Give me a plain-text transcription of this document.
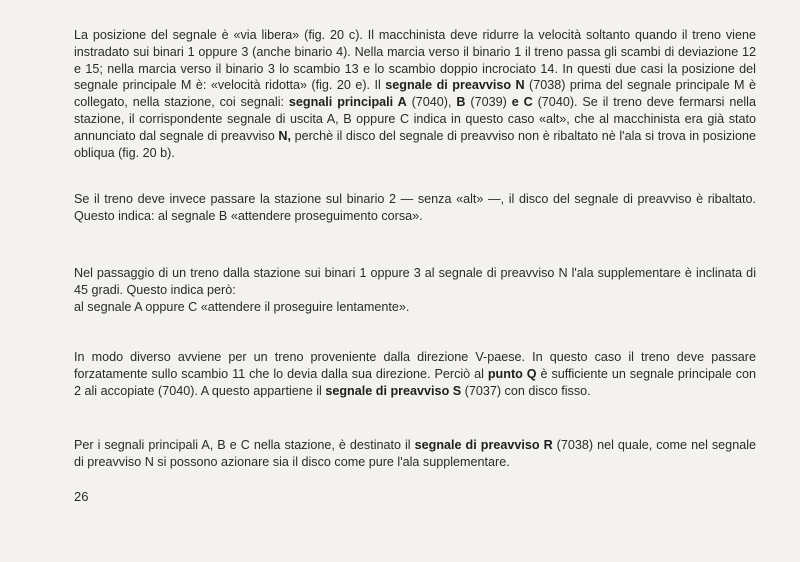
La posizione del segnale è «via libera» (fig. 20 c). Il macchinista deve ridurre la velocità soltanto quando il treno viene instradato sui binari 1 oppure 3 (anche binario 4). Nella marcia verso il binario 1 il treno passa gli scambi di deviazione 12 e 15; nella marcia verso il binario 3 lo scambio 13 e lo scambio doppio incrociato 14. In questi due casi la posizione del segnale principale M è: «velocità ridotta» (fig. 20 e). Il segnale di preavviso N (7038) prima del segnale principale M è collegato, nella stazione, coi segnali: segnali principali A (7040), B (7039) e C (7040). Se il treno deve fermarsi nella stazione, il corrispondente segnale di uscita A, B oppure C indica in questo caso «alt», che al macchinista era già stato annunciato dal segnale di preavviso N, perchè il disco del segnale di preavviso non è ribaltato nè l'ala si trova in posizione obliqua (fig. 20 b).

Se il treno deve invece passare la stazione sul binario 2 — senza «alt» —, il disco del segnale di preavviso è ribaltato. Questo indica: al segnale B «attendere proseguimento corsa».

Nel passaggio di un treno dalla stazione sui binari 1 oppure 3 al segnale di preavviso N l'ala supplementare è inclinata di 45 gradi. Questo indica però:
al segnale A oppure C «attendere il proseguire lentamente».

In modo diverso avviene per un treno proveniente dalla direzione V-paese. In questo caso il treno deve passare forzatamente sullo scambio 11 che lo devia dalla sua direzione. Perciò al punto Q è sufficiente un segnale principale con 2 ali accopiate (7040). A questo appartiene il segnale di preavviso S (7037) con disco fisso.

Per i segnali principali A, B e C nella stazione, è destinato il segnale di preavviso R (7038) nel quale, come nel segnale di preavviso N si possono azionare sia il disco come pure l'ala supplementare.

26
